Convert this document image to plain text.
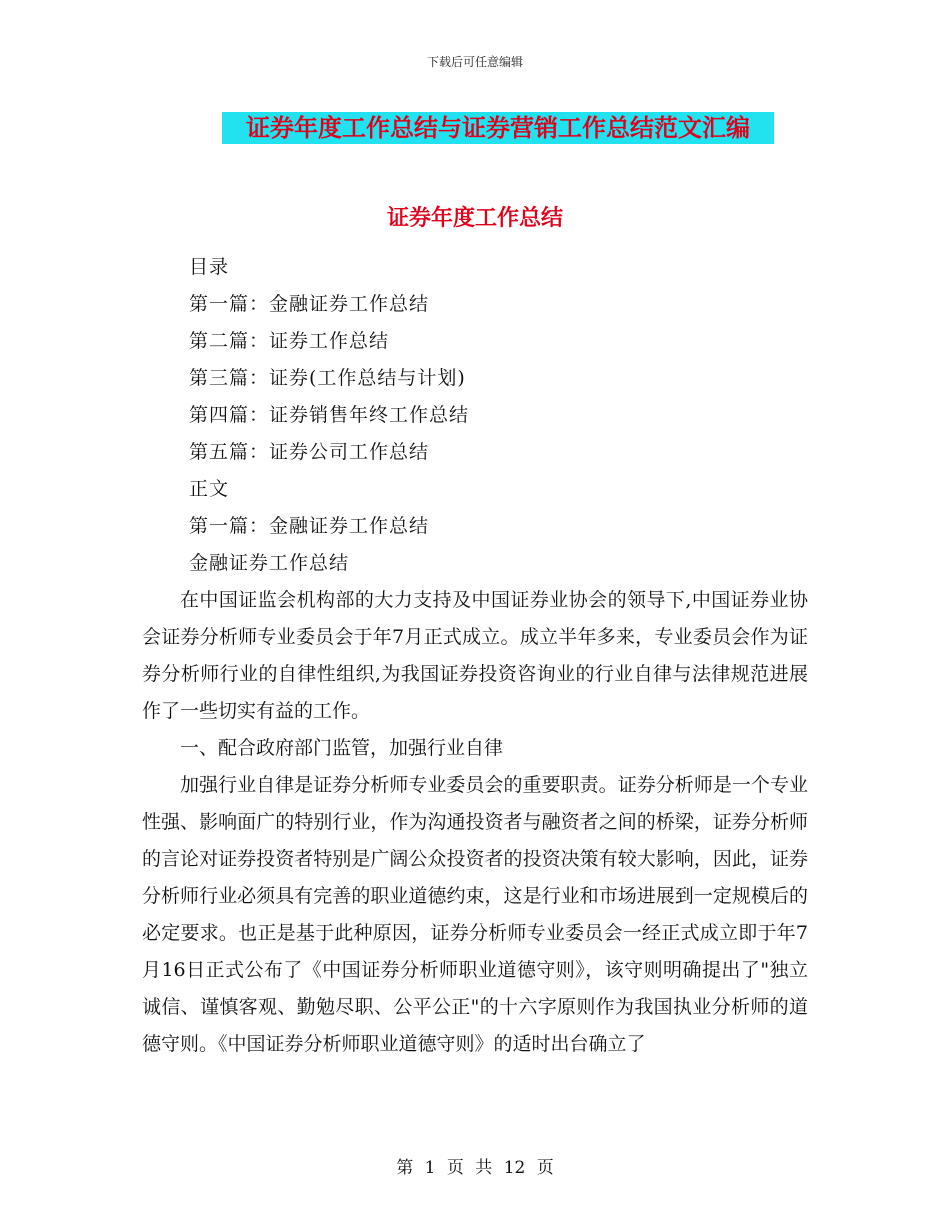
下载后可任意编辑
证券年度工作总结与证券营销工作总结范文汇编
证券年度工作总结
目录
第一篇：金融证券工作总结
第二篇：证券工作总结
第三篇：证券(工作总结与计划)
第四篇：证券销售年终工作总结
第五篇：证券公司工作总结
正文
第一篇：金融证券工作总结
金融证券工作总结

在中国证监会机构部的大力支持及中国证券业协会的领导下,中国证券业协会证券分析师专业委员会于年7月正式成立。成立半年多来，专业委员会作为证券分析师行业的自律性组织,为我国证券投资咨询业的行业自律与法律规范进展作了一些切实有益的工作。

一、配合政府部门监管，加强行业自律

加强行业自律是证券分析师专业委员会的重要职责。证券分析师是一个专业性强、影响面广的特别行业，作为沟通投资者与融资者之间的桥梁，证券分析师的言论对证券投资者特别是广阔公众投资者的投资决策有较大影响，因此，证券分析师行业必须具有完善的职业道德约束，这是行业和市场进展到一定规模后的必定要求。也正是基于此种原因，证券分析师专业委员会一经正式成立即于年7月16日正式公布了《中国证券分析师职业道德守则》，该守则明确提出了"独立诚信、谨慎客观、勤勉尽职、公平公正"的十六字原则作为我国执业分析师的道德守则。《中国证券分析师职业道德守则》的适时出台确立了

第 1 页 共 12 页
